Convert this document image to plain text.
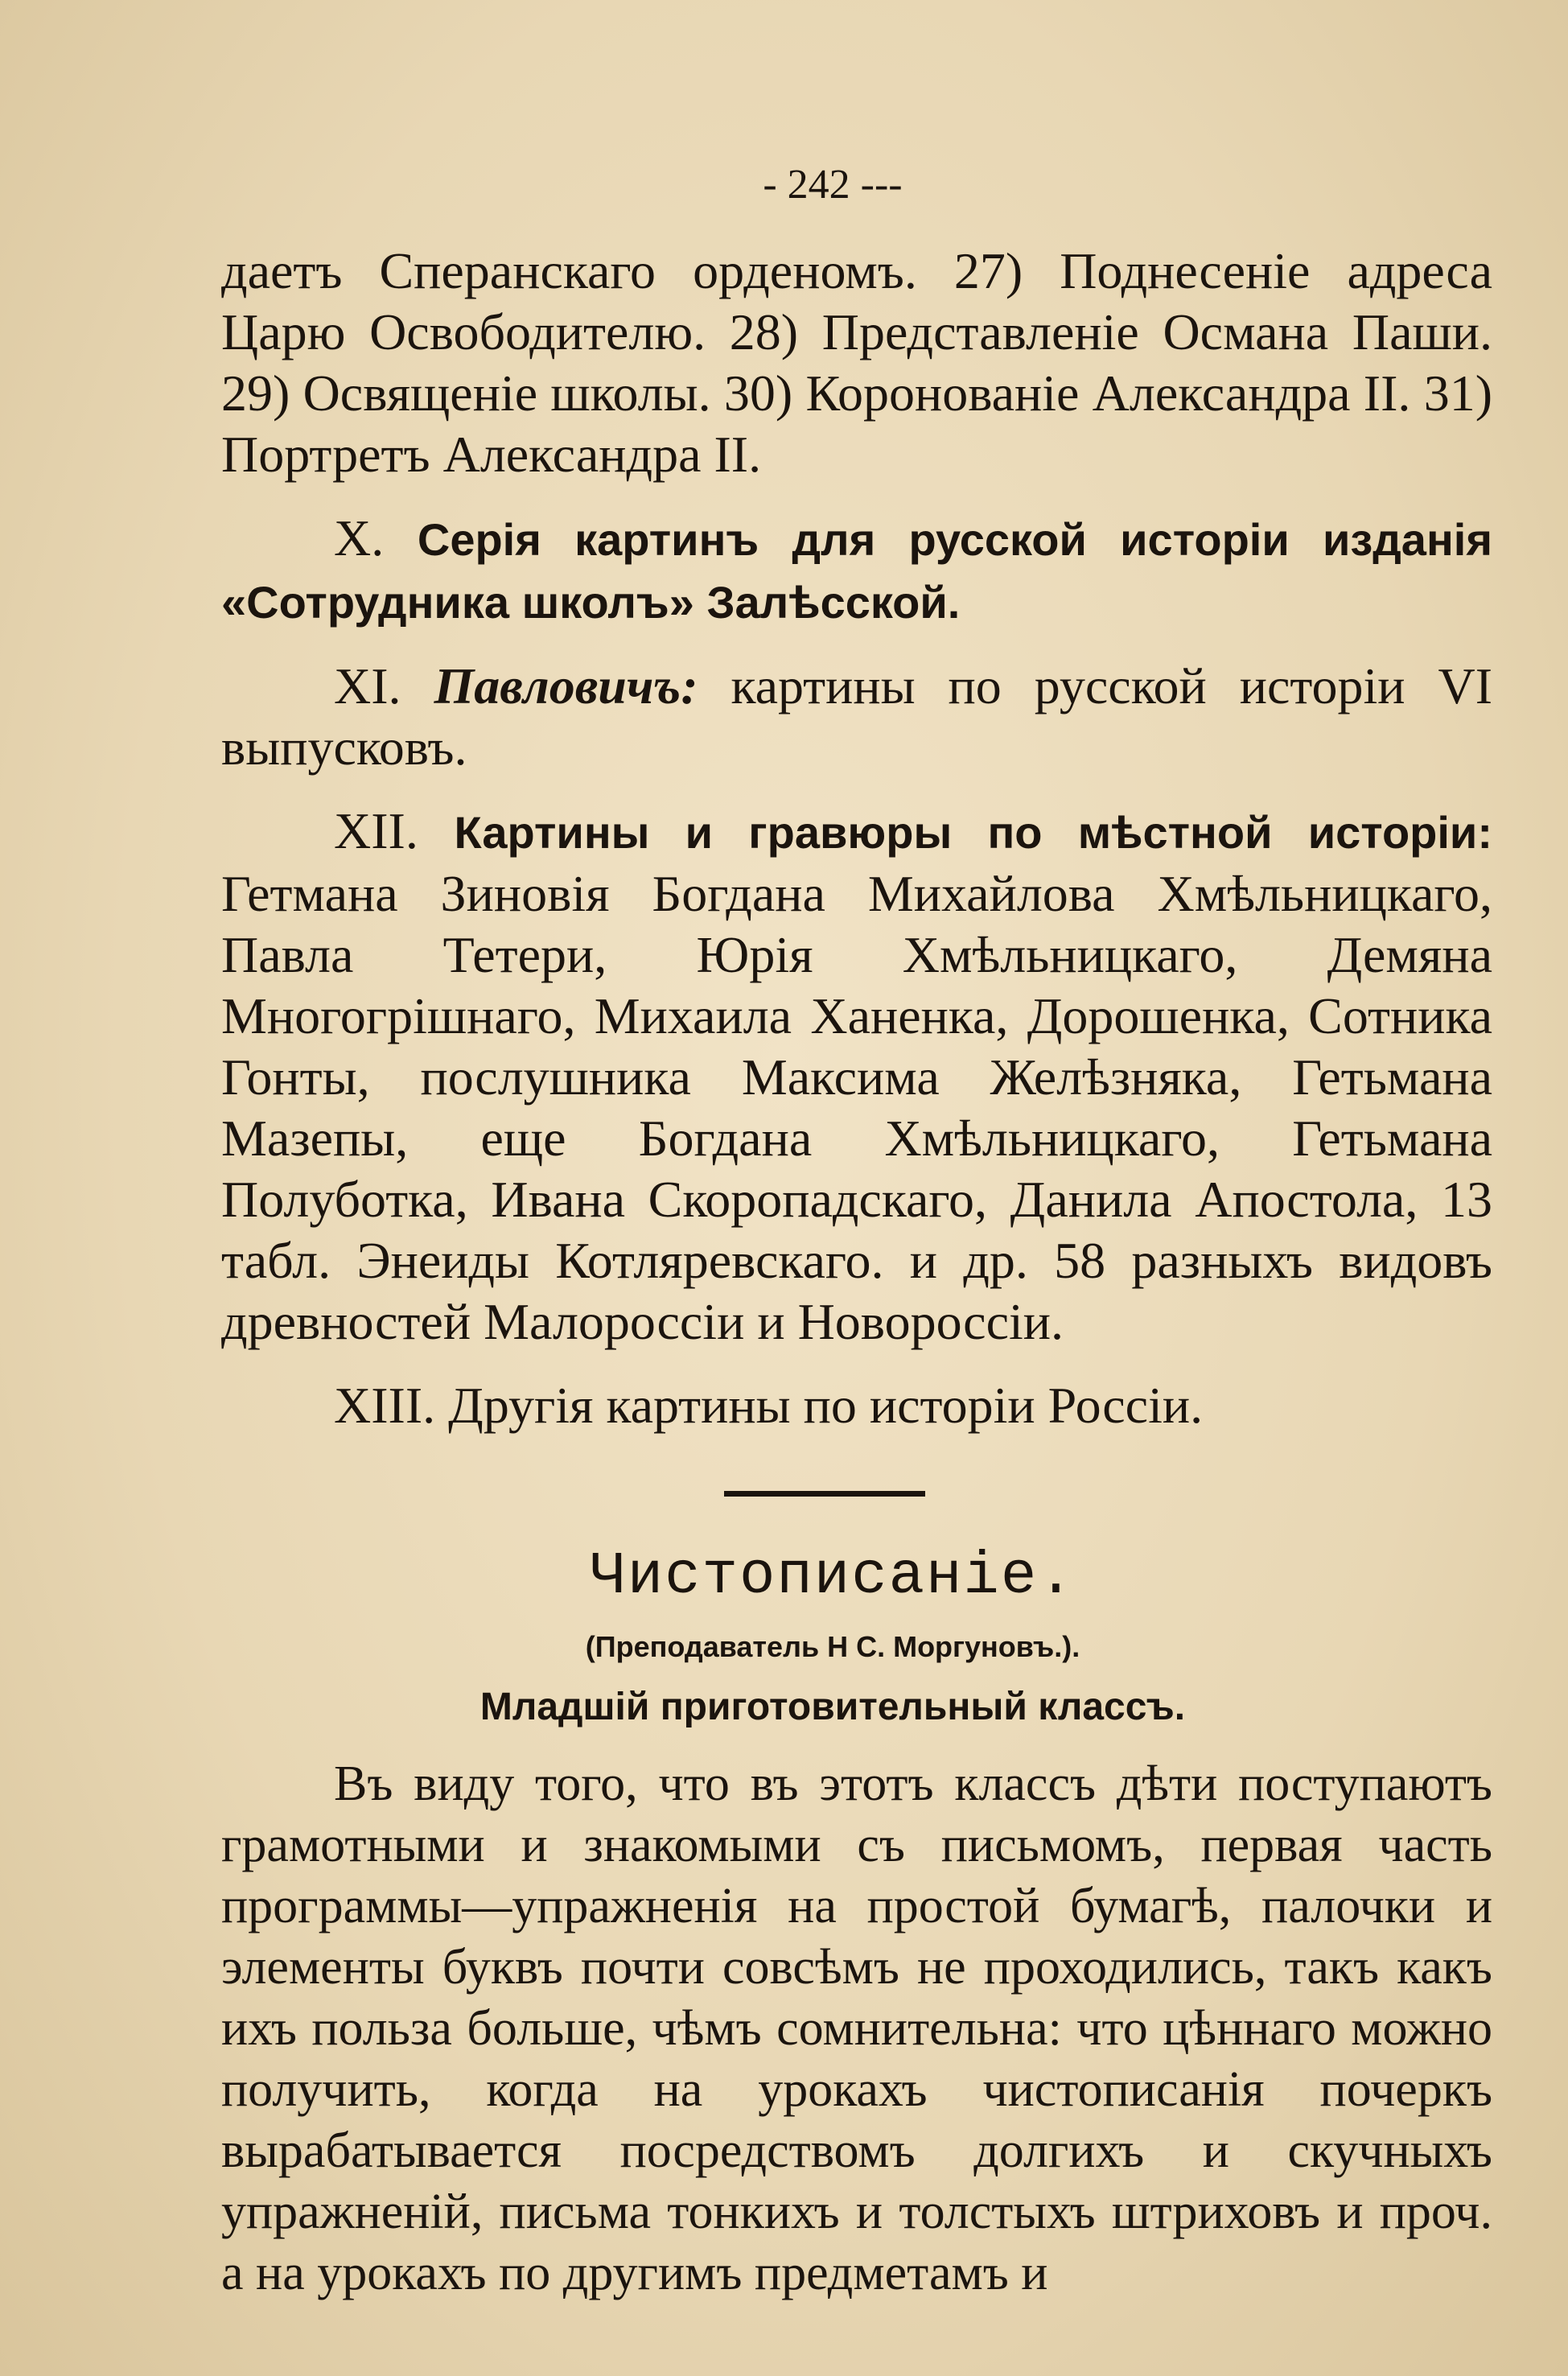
- 242 ---

даетъ Сперанскаго орденомъ. 27) Поднесеніе адреса Царю Освободителю. 28) Представленіе Османа Паши. 29) Освященіе школы. 30) Коронованіе Александра II. 31) Портретъ Александра II.

X. Серія картинъ для русской исторіи изданія «Сотрудника школъ» Залѣсской.

XI. Павловичъ: картины по русской исторіи VI выпусковъ.

XII. Картины и гравюры по мѣстной исторіи: Гетмана Зиновія Богдана Михайлова Хмѣльницкаго, Павла Тетери, Юрія Хмѣльницкаго, Демяна Многогрішнаго, Михаила Ханенка, Дорошенка, Сотника Гонты, послушника Максима Желѣзняка, Гетьмана Мазепы, еще Богдана Хмѣльницкаго, Гетьмана Полуботка, Ивана Скоропадскаго, Данила Апостола, 13 табл. Энеиды Котляревскаго. и др. 58 разныхъ видовъ древностей Малороссіи и Новороссіи.

XIII. Другія картины по исторіи Россіи.

Чистописаніе.
(Преподаватель Н С. Моргуновъ.).
Младшій приготовительный классъ.

Въ виду того, что въ этотъ классъ дѣти поступаютъ грамотными и знакомыми съ письмомъ, первая часть программы—упражненія на простой бумагѣ, палочки и элементы буквъ почти совсѣмъ не проходились, такъ какъ ихъ польза больше, чѣмъ сомнительна: что цѣннаго можно получить, когда на урокахъ чистописанія почеркъ вырабатывается посредствомъ долгихъ и скучныхъ упражненій, письма тонкихъ и толстыхъ штриховъ и проч. а на урокахъ по другимъ предметамъ и
